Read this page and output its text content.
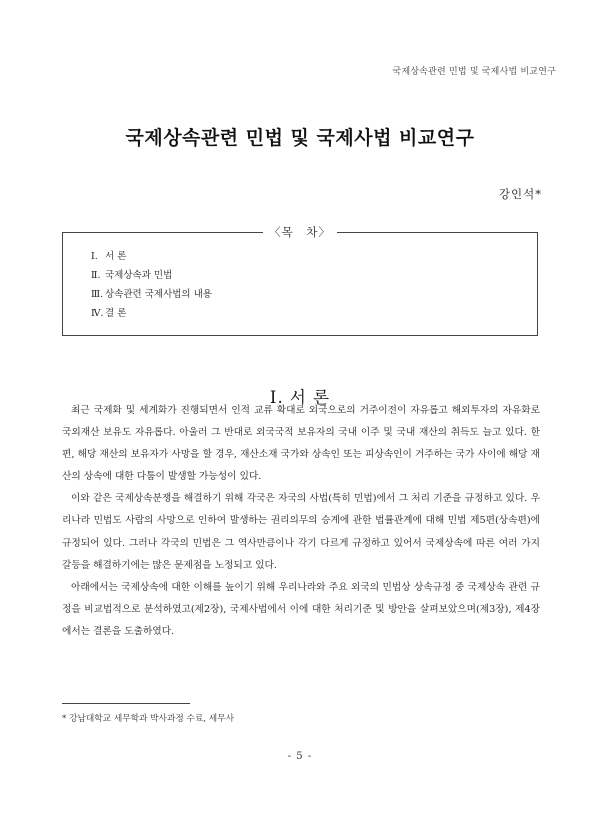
국제상속관련 민법 및 국제사법 비교연구
국제상속관련 민법 및 국제사법 비교연구
강인석*
〈목　차〉
Ⅰ. 서 론
Ⅱ. 국제상속과 민법
Ⅲ. 상속관련 국제사법의 내용
Ⅳ.결 론
Ⅰ. 서 론

최근 국제화 및 세계화가 진행되면서 인적 교류 확대로 외국으로의 거주이전이 자유롭고 해외투자의 자유화로 국외재산 보유도 자유롭다. 아울러 그 반대로 외국국적 보유자의 국내 이주 및 국내 재산의 취득도 늘고 있다. 한편, 해당 재산의 보유자가 사망을 할 경우, 재산소재 국가와 상속인 또는 피상속인이 거주하는 국가 사이에 해당 재산의 상속에 대한 다툼이 발생할 가능성이 있다.

이와 같은 국제상속분쟁을 해결하기 위해 각국은 자국의 사법(특히 민법)에서 그 처리 기준을 규정하고 있다. 우리나라 민법도 사람의 사망으로 인하여 발생하는 권리의무의 승계에 관한 법률관계에 대해 민법 제5편(상속편)에 규정되어 있다. 그러나 각국의 민법은 그 역사만큼이나 각기 다르게 규정하고 있어서 국제상속에 따른 여러 가지 갈등을 해결하기에는 많은 문제점을 노정되고 있다.

아래에서는 국제상속에 대한 이해를 높이기 위해 우리나라와 주요 외국의 민법상 상속규정 중 국제상속 관련 규정을 비교법적으로 분석하였고(제2장), 국제사법에서 이에 대한 처리기준 및 방안을 살펴보았으며(제3장), 제4장에서는 결론을 도출하였다.

* 강남대학교 세무학과 박사과정 수료, 세무사
- 5 -
